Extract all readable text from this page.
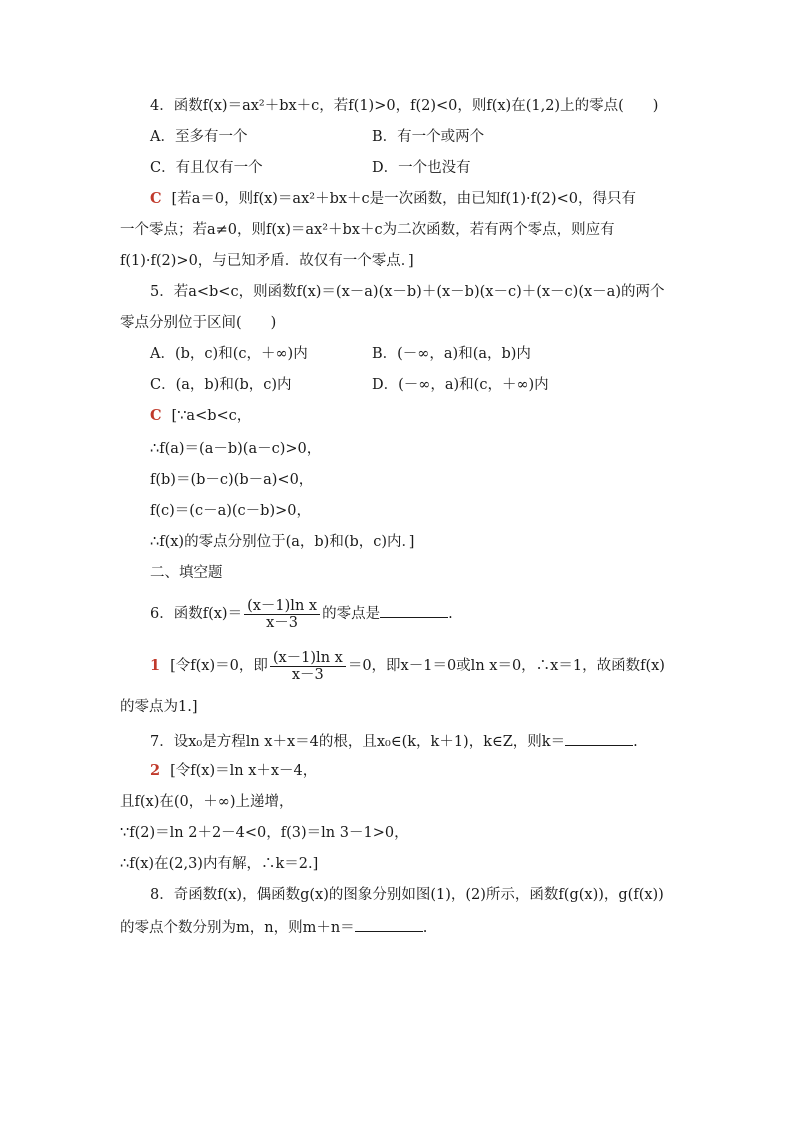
4．函数f(x)＝ax²＋bx＋c，若f(1)>0，f(2)<0，则f(x)在(1,2)上的零点(　　)
A．至多有一个	B．有一个或两个
C．有且仅有一个	D．一个也没有
C [若a＝0，则f(x)＝ax²＋bx＋c是一次函数，由已知f(1)·f(2)<0，得只有
一个零点；若a≠0，则f(x)＝ax²＋bx＋c为二次函数，若有两个零点，则应有
f(1)·f(2)>0，与已知矛盾．故仅有一个零点．]
5．若a<b<c，则函数f(x)＝(x－a)(x－b)＋(x－b)(x－c)＋(x－c)(x－a)的两个
零点分别位于区间(　　)
A．(b，c)和(c，＋∞)内	B．(－∞，a)和(a，b)内
C．(a，b)和(b，c)内	D．(－∞，a)和(c，＋∞)内
C [∵a<b<c，
∴f(a)＝(a－b)(a－c)>0，
f(b)＝(b－c)(b－a)<0，
f(c)＝(c－a)(c－b)>0，
∴f(x)的零点分别位于(a，b)和(b，c)内．]
二、填空题
6．函数$f(x)= \frac{\text{(x－1)ln x}}{x-3}$ 的零点是	.
1 [令f(x)＝0，即 $\frac{\text{(x－1)ln x}}{x-3} =0$，即x－1＝0或ln x＝0，∴x＝1，故函数f(x)
的零点为1.]
7．设x₀是方程ln x＋x＝4的根，且x₀∈(k，k＋1)，k∈Z，则k＝	.
2 [令f(x)＝ln x＋x－4，
且f(x)在(0，＋∞)上递增，
∵f(2)＝ln 2＋2－4<0，f(3)＝ln 3－1>0，
∴f(x)在(2,3)内有解，∴k＝2.]
8．奇函数f(x)，偶函数g(x)的图象分别如图(1)，(2)所示，函数f(g(x))，g(f(x))
的零点个数分别为m，n，则m＋n＝	.
